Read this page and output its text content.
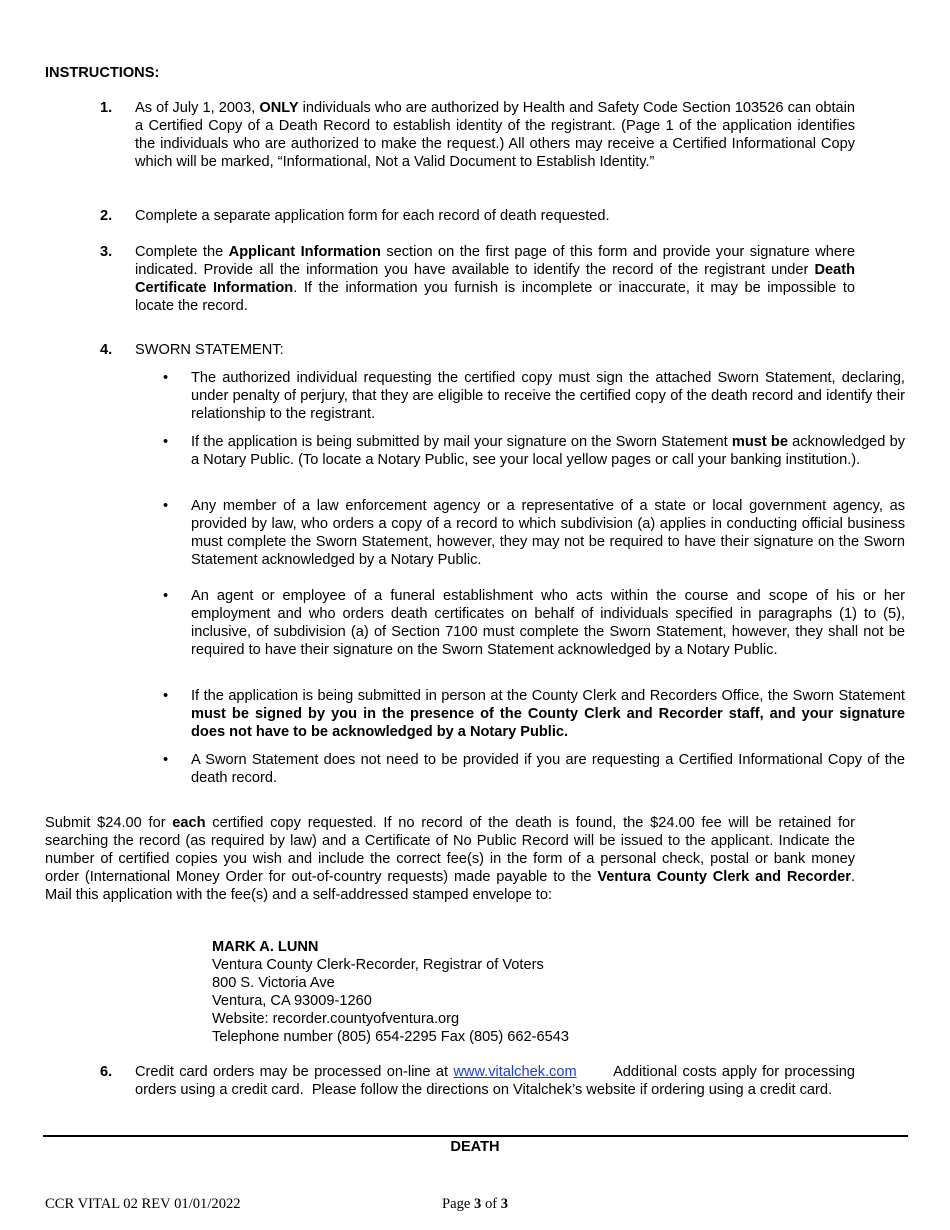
INSTRUCTIONS:
1. As of July 1, 2003, ONLY individuals who are authorized by Health and Safety Code Section 103526 can obtain a Certified Copy of a Death Record to establish identity of the registrant. (Page 1 of the application identifies the individuals who are authorized to make the request.) All others may receive a Certified Informational Copy which will be marked, “Informational, Not a Valid Document to Establish Identity.”
2. Complete a separate application form for each record of death requested.
3. Complete the Applicant Information section on the first page of this form and provide your signature where indicated. Provide all the information you have available to identify the record of the registrant under Death Certificate Information. If the information you furnish is incomplete or inaccurate, it may be impossible to locate the record.
4. SWORN STATEMENT:
• The authorized individual requesting the certified copy must sign the attached Sworn Statement, declaring, under penalty of perjury, that they are eligible to receive the certified copy of the death record and identify their relationship to the registrant.
• If the application is being submitted by mail your signature on the Sworn Statement must be acknowledged by a Notary Public. (To locate a Notary Public, see your local yellow pages or call your banking institution.).
• Any member of a law enforcement agency or a representative of a state or local government agency, as provided by law, who orders a copy of a record to which subdivision (a) applies in conducting official business must complete the Sworn Statement, however, they may not be required to have their signature on the Sworn Statement acknowledged by a Notary Public.
• An agent or employee of a funeral establishment who acts within the course and scope of his or her employment and who orders death certificates on behalf of individuals specified in paragraphs (1) to (5), inclusive, of subdivision (a) of Section 7100 must complete the Sworn Statement, however, they shall not be required to have their signature on the Sworn Statement acknowledged by a Notary Public.
• If the application is being submitted in person at the County Clerk and Recorders Office, the Sworn Statement must be signed by you in the presence of the County Clerk and Recorder staff, and your signature does not have to be acknowledged by a Notary Public.
• A Sworn Statement does not need to be provided if you are requesting a Certified Informational Copy of the death record.
Submit $24.00 for each certified copy requested. If no record of the death is found, the $24.00 fee will be retained for searching the record (as required by law) and a Certificate of No Public Record will be issued to the applicant. Indicate the number of certified copies you wish and include the correct fee(s) in the form of a personal check, postal or bank money order (International Money Order for out-of-country requests) made payable to the Ventura County Clerk and Recorder. Mail this application with the fee(s) and a self-addressed stamped envelope to:
MARK A. LUNN
Ventura County Clerk-Recorder, Registrar of Voters
800 S. Victoria Ave
Ventura, CA 93009-1260
Website: recorder.countyofventura.org
Telephone number (805) 654-2295 Fax (805) 662-6543
6. Credit card orders may be processed on-line at www.vitalchek.com       Additional costs apply for processing orders using a credit card.  Please follow the directions on Vitalchek’s website if ordering using a credit card.
DEATH
CCR VITAL 02 REV 01/01/2022	Page 3 of 3
